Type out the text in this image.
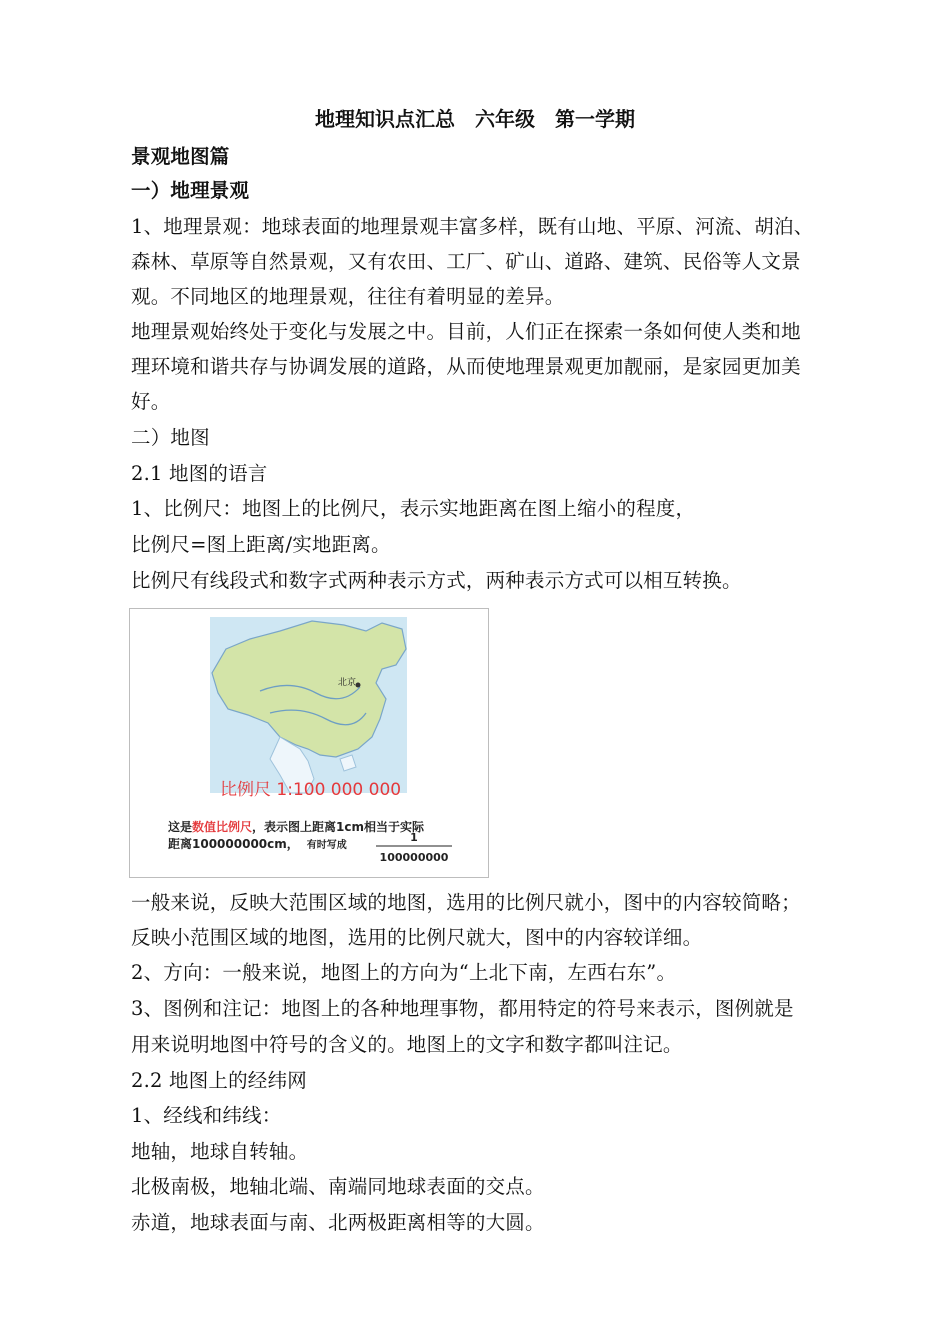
地理知识点汇总　六年级　第一学期
景观地图篇
一）地理景观
1、地理景观：地球表面的地理景观丰富多样，既有山地、平原、河流、胡泊、
森林、草原等自然景观，又有农田、工厂、矿山、道路、建筑、民俗等人文景
观。不同地区的地理景观，往往有着明显的差异。
地理景观始终处于变化与发展之中。目前，人们正在探索一条如何使人类和地
理环境和谐共存与协调发展的道路，从而使地理景观更加靓丽，是家园更加美
好。
二）地图
2.1 地图的语言
1、比例尺：地图上的比例尺，表示实地距离在图上缩小的程度，
比例尺=图上距离/实地距离。
比例尺有线段式和数字式两种表示方式，两种表示方式可以相互转换。
北京
比例尺 1:100 000 000
这是数值比例尺，表示图上距离1cm相当于实际
距离100000000cm， 有时写成
1
100000000
一般来说，反映大范围区域的地图，选用的比例尺就小，图中的内容较简略；
反映小范围区域的地图，选用的比例尺就大，图中的内容较详细。
2、方向：一般来说，地图上的方向为“上北下南，左西右东”。
3、图例和注记：地图上的各种地理事物，都用特定的符号来表示，图例就是
用来说明地图中符号的含义的。地图上的文字和数字都叫注记。
2.2 地图上的经纬网
1、经线和纬线：
地轴，地球自转轴。
北极南极，地轴北端、南端同地球表面的交点。
赤道，地球表面与南、北两极距离相等的大圆。
